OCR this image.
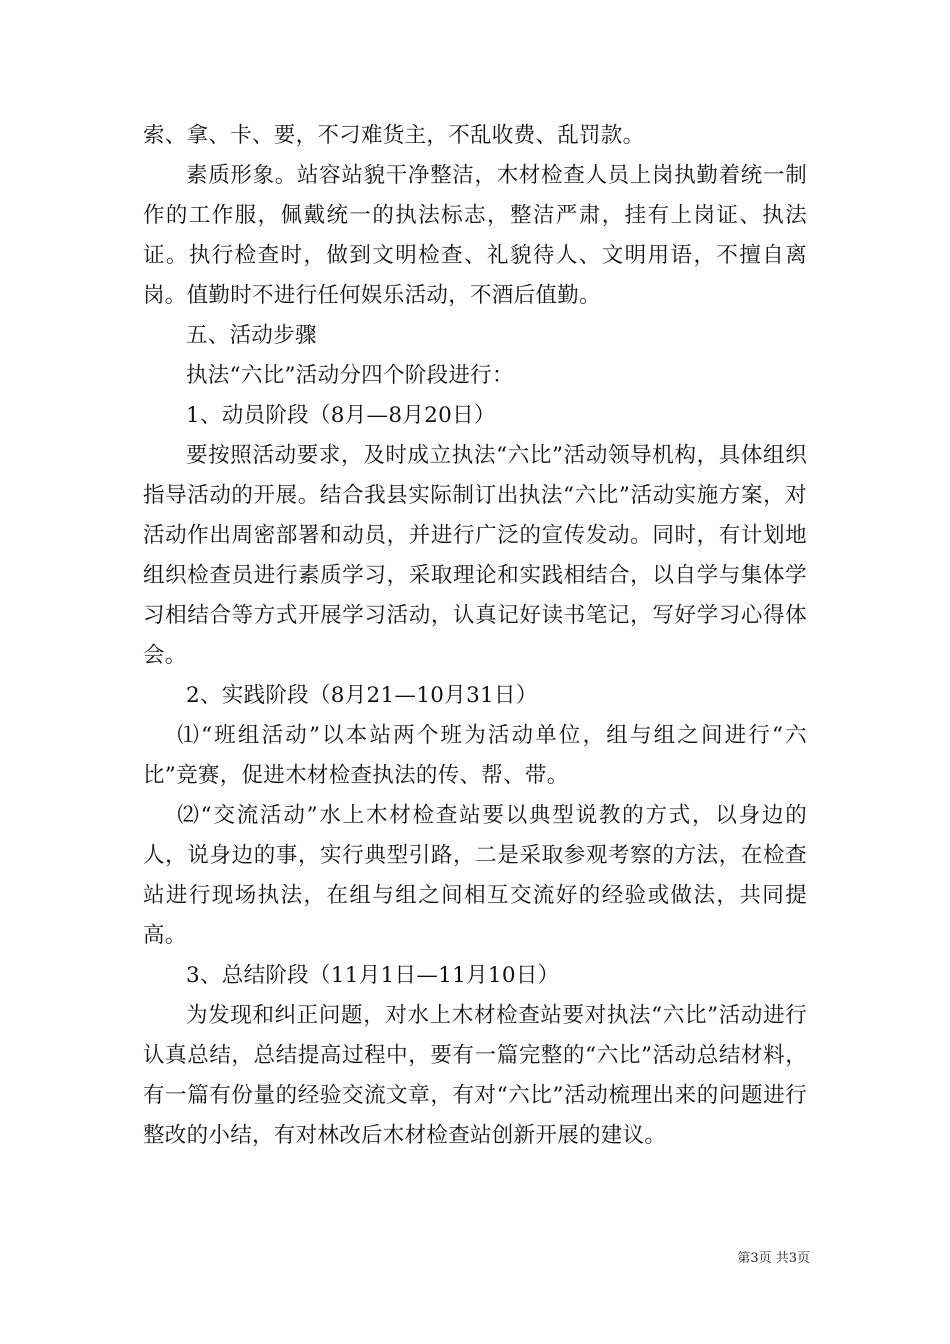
索、拿、卡、要，不刁难货主，不乱收费、乱罚款。

素质形象。站容站貌干净整洁，木材检查人员上岗执勤着统一制作的工作服，佩戴统一的执法标志，整洁严肃，挂有上岗证、执法证。执行检查时，做到文明检查、礼貌待人、文明用语，不擅自离岗。值勤时不进行任何娱乐活动，不酒后值勤。

五、活动步骤

执法“六比”活动分四个阶段进行：

1、动员阶段（8月—8月20日）

要按照活动要求，及时成立执法“六比”活动领导机构，具体组织指导活动的开展。结合我县实际制订出执法“六比”活动实施方案，对活动作出周密部署和动员，并进行广泛的宣传发动。同时，有计划地组织检查员进行素质学习，采取理论和实践相结合，以自学与集体学习相结合等方式开展学习活动，认真记好读书笔记，写好学习心得体会。

2、实践阶段（8月21—10月31日）

⑴“班组活动”以本站两个班为活动单位，组与组之间进行“六比”竞赛，促进木材检查执法的传、帮、带。

⑵“交流活动”水上木材检查站要以典型说教的方式，以身边的人，说身边的事，实行典型引路，二是采取参观考察的方法，在检查站进行现场执法，在组与组之间相互交流好的经验或做法，共同提高。

3、总结阶段（11月1日—11月10日）

为发现和纠正问题，对水上木材检查站要对执法“六比”活动进行认真总结，总结提高过程中，要有一篇完整的“六比”活动总结材料，有一篇有份量的经验交流文章，有对“六比”活动梳理出来的问题进行整改的小结，有对林改后木材检查站创新开展的建议。

第3页 共3页
